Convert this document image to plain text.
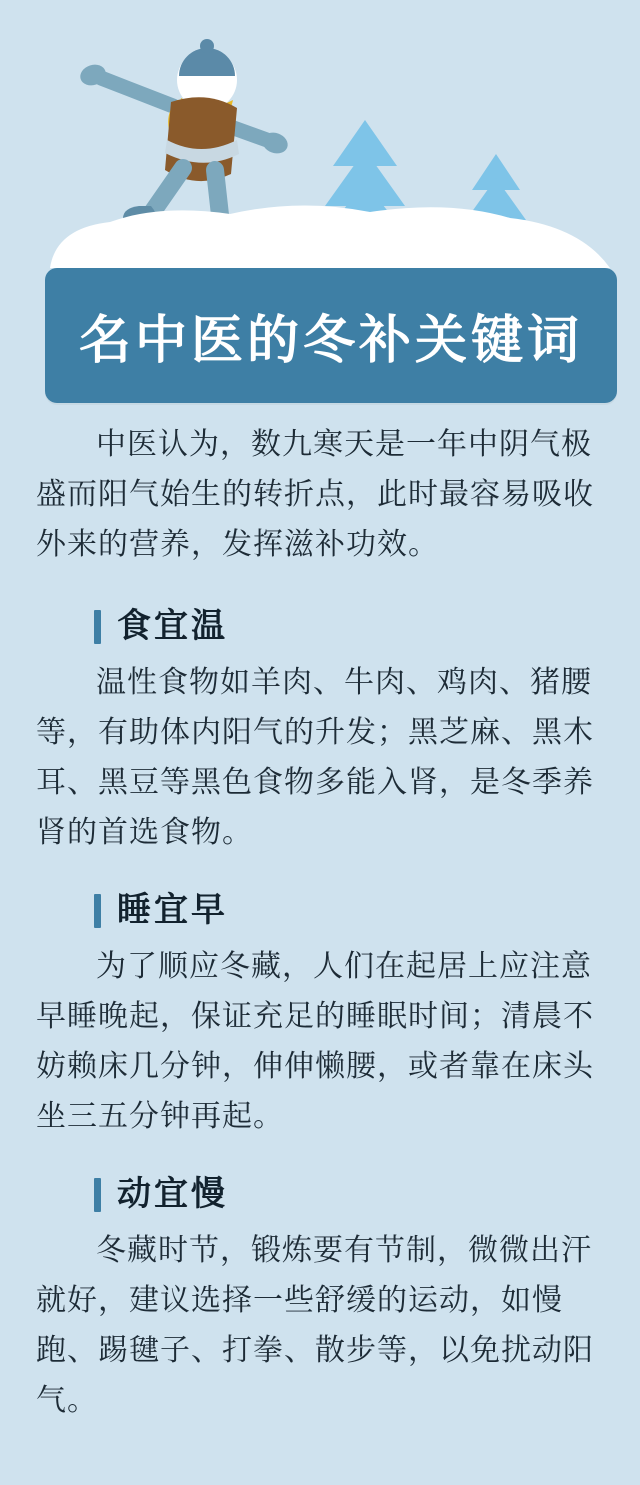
名中医的冬补关键词

中医认为，数九寒天是一年中阴气极盛而阳气始生的转折点，此时最容易吸收外来的营养，发挥滋补功效。

食宜温

温性食物如羊肉、牛肉、鸡肉、猪腰等，有助体内阳气的升发；黑芝麻、黑木耳、黑豆等黑色食物多能入肾，是冬季养肾的首选食物。

睡宜早

为了顺应冬藏，人们在起居上应注意早睡晚起，保证充足的睡眠时间；清晨不妨赖床几分钟，伸伸懒腰，或者靠在床头坐三五分钟再起。

动宜慢

冬藏时节，锻炼要有节制，微微出汗就好，建议选择一些舒缓的运动，如慢跑、踢毽子、打拳、散步等，以免扰动阳气。
